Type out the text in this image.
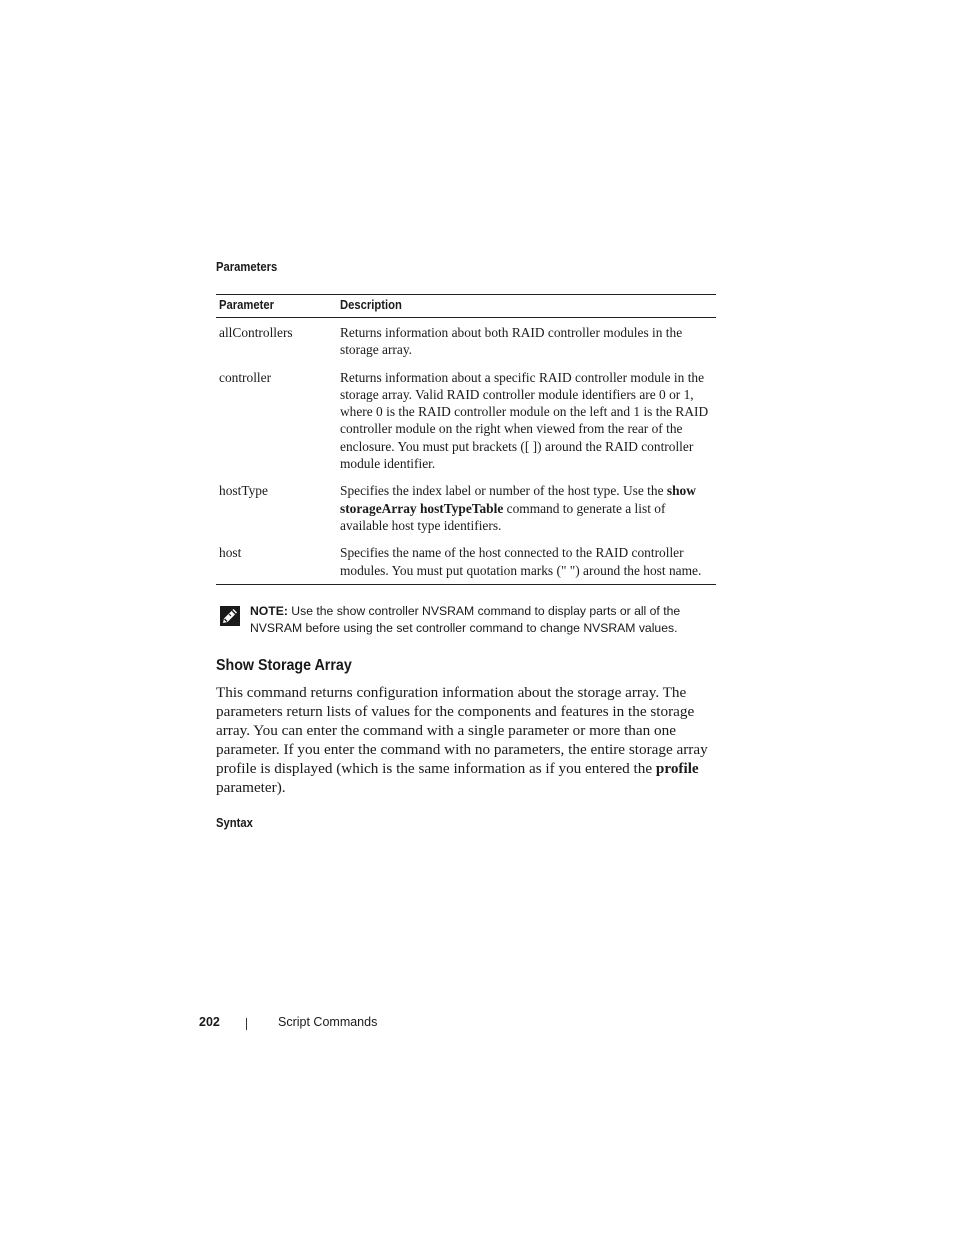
Parameters
Parameter	Description
allControllers	Returns information about both RAID controller modules in the storage array.
controller	Returns information about a specific RAID controller module in the storage array. Valid RAID controller module identifiers are 0 or 1, where 0 is the RAID controller module on the left and 1 is the RAID controller module on the right when viewed from the rear of the enclosure. You must put brackets ([ ]) around the RAID controller module identifier.
hostType	Specifies the index label or number of the host type. Use the show storageArray hostTypeTable command to generate a list of available host type identifiers.
host	Specifies the name of the host connected to the RAID controller modules. You must put quotation marks (" ") around the host name.
NOTE: Use the show controller NVSRAM command to display parts or all of the NVSRAM before using the set controller command to change NVSRAM values.
Show Storage Array

This command returns configuration information about the storage array. The parameters return lists of values for the components and features in the storage array. You can enter the command with a single parameter or more than one parameter. If you enter the command with no parameters, the entire storage array profile is displayed (which is the same information as if you entered the profile parameter).

Syntax
202	Script Commands
